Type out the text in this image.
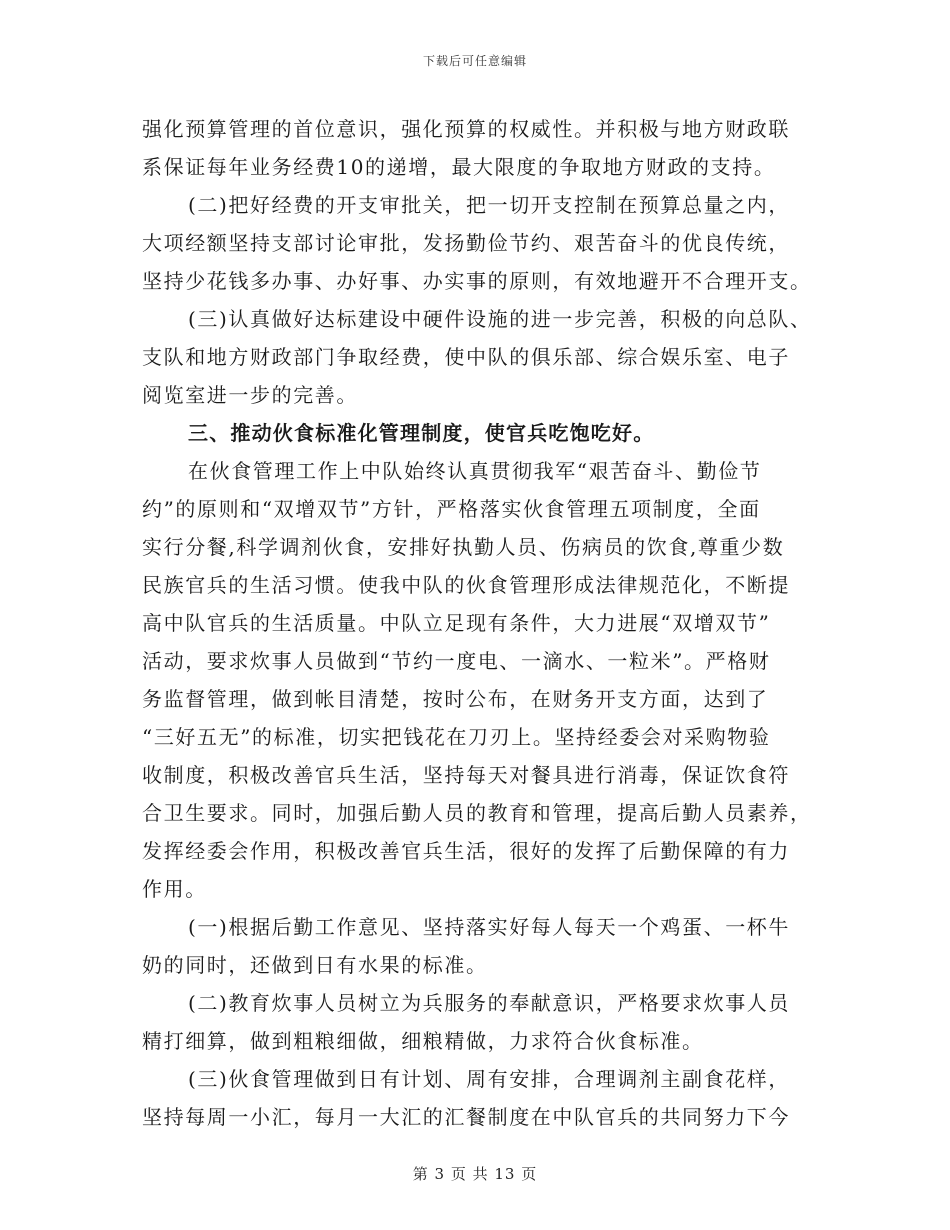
下载后可任意编辑
强化预算管理的首位意识，强化预算的权威性。并积极与地方财政联
系保证每年业务经费10的递增，最大限度的争取地方财政的支持。
(二)把好经费的开支审批关，把一切开支控制在预算总量之内，
大项经额坚持支部讨论审批，发扬勤俭节约、艰苦奋斗的优良传统，
坚持少花钱多办事、办好事、办实事的原则，有效地避开不合理开支。
(三)认真做好达标建设中硬件设施的进一步完善，积极的向总队、
支队和地方财政部门争取经费，使中队的俱乐部、综合娱乐室、电子
阅览室进一步的完善。
三、推动伙食标准化管理制度，使官兵吃饱吃好。
在伙食管理工作上中队始终认真贯彻我军“艰苦奋斗、勤俭节
约”的原则和“双增双节”方针，严格落实伙食管理五项制度，全面
实行分餐,科学调剂伙食，安排好执勤人员、伤病员的饮食,尊重少数
民族官兵的生活习惯。使我中队的伙食管理形成法律规范化，不断提
高中队官兵的生活质量。中队立足现有条件，大力进展“双增双节”
活动，要求炊事人员做到“节约一度电、一滴水、一粒米”。严格财
务监督管理，做到帐目清楚，按时公布，在财务开支方面，达到了
“三好五无”的标准，切实把钱花在刀刃上。坚持经委会对采购物验
收制度，积极改善官兵生活，坚持每天对餐具进行消毒，保证饮食符
合卫生要求。同时，加强后勤人员的教育和管理，提高后勤人员素养，
发挥经委会作用，积极改善官兵生活，很好的发挥了后勤保障的有力
作用。
(一)根据后勤工作意见、坚持落实好每人每天一个鸡蛋、一杯牛
奶的同时，还做到日有水果的标准。
(二)教育炊事人员树立为兵服务的奉献意识，严格要求炊事人员
精打细算，做到粗粮细做，细粮精做，力求符合伙食标准。
(三)伙食管理做到日有计划、周有安排，合理调剂主副食花样，
坚持每周一小汇，每月一大汇的汇餐制度在中队官兵的共同努力下今
第 3 页 共 13 页
